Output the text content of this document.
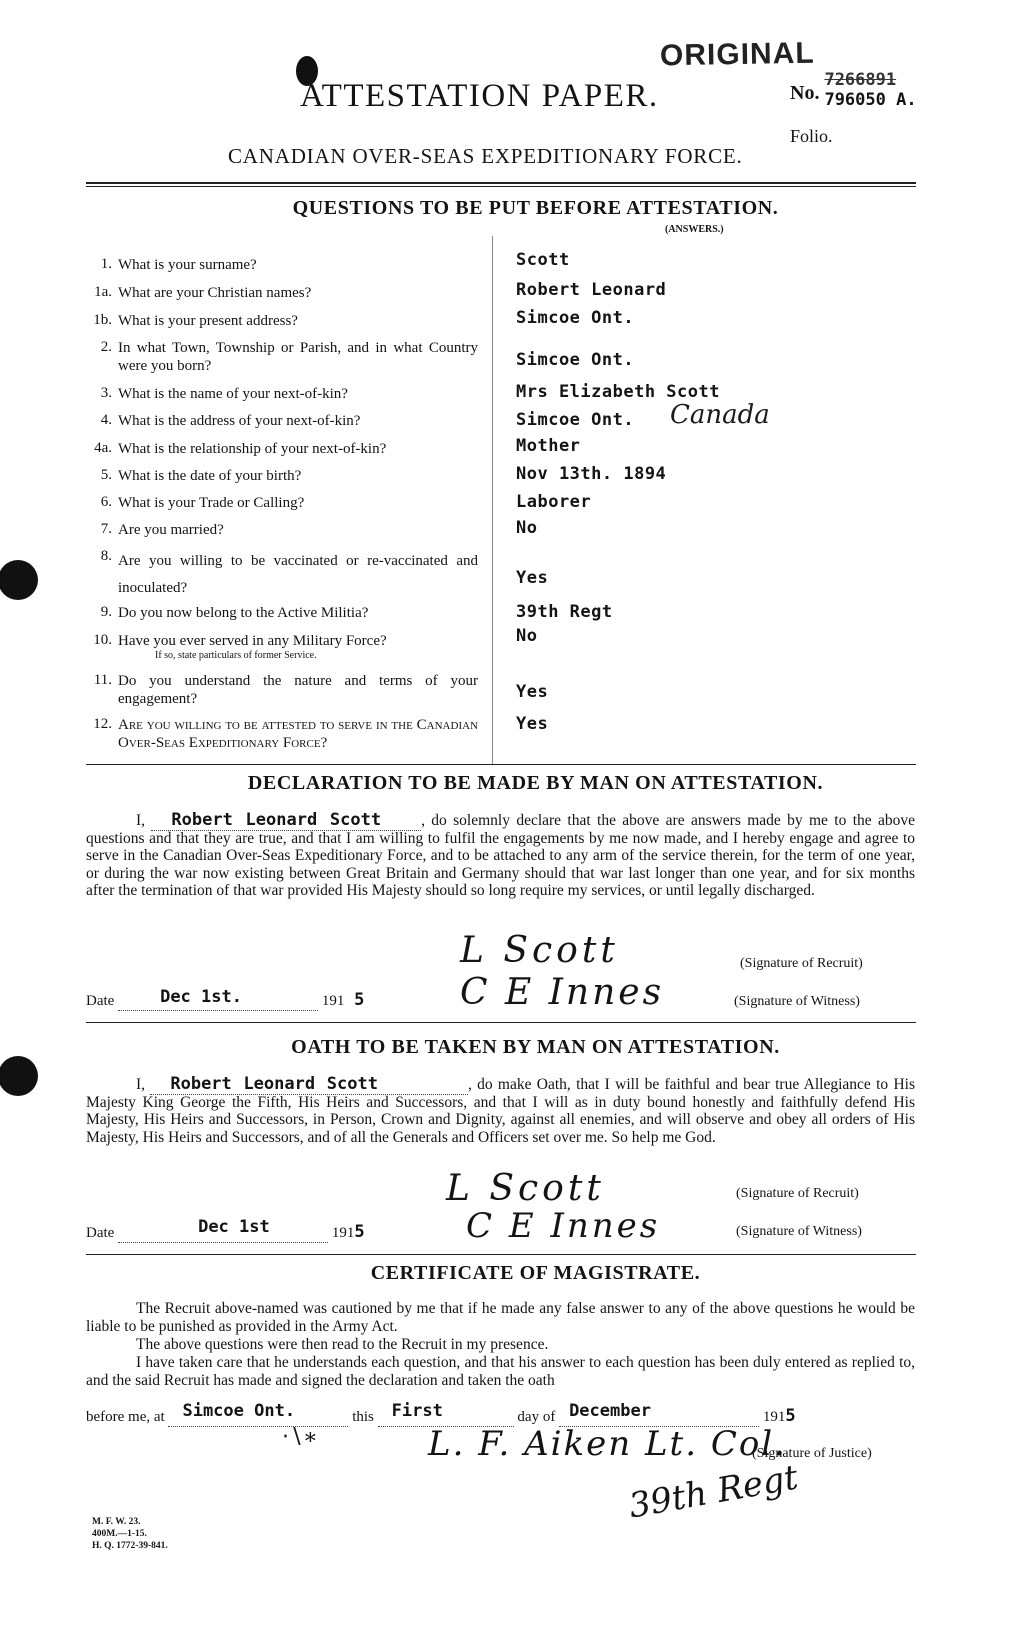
ORIGINAL
ATTESTATION PAPER.	No.
7266891
$_{796050 A.}$
Folio.
CANADIAN OVER-SEAS EXPEDITIONARY FORCE.
QUESTIONS TO BE PUT BEFORE ATTESTATION.
(ANSWERS.)
1. What is your surname?	Scott
1a. What are your Christian names?	Robert Leonard
1b. What is your present address?	Simcoe Ont.
2. In what Town, Township or Parish, and in what Country were you born?	Simcoe Ont.
3. What is the name of your next-of-kin?	Mrs Elizabeth Scott
4. What is the address of your next-of-kin?	Simcoe Ont. Canada
4a. What is the relationship of your next-of-kin?	Mother
5. What is the date of your birth?	Nov 13th. 1894
6. What is your Trade or Calling?	Laborer
7. Are you married?	No
8. Are you willing to be vaccinated or re-vaccinated and inoculated?	Yes
9. Do you now belong to the Active Militia?	39th Regt
10. Have you ever served in any Military Force?
If so, state particulars of former Service.
No
11. Do you understand the nature and terms of your engagement?	Yes
12. Are you willing to be attested to serve in the Canadian Over-Seas Expeditionary Force?
Yes
DECLARATION TO BE MADE BY MAN ON ATTESTATION.
I, Robert Leonard Scott	, do solemnly declare that the above are answers made by me to the above questions and that they are true, and that I am willing to fulfil the engagements by me now made, and I hereby engage and agree to serve in the Canadian Over-Seas Expeditionary Force, and to be attached to any arm of the service therein, for the term of one year, or during the war now existing between Great Britain and Germany should that war last longer than one year, and for six months after the termination of that war provided His Majesty should so long require my services, or until legally discharged.
L Scott	(Signature of Recruit)
Date	Dec 1st.	191 5	C E Innes	(Signature of Witness)
OATH TO BE TAKEN BY MAN ON ATTESTATION.
I, Robert Leonard Scott	, do make Oath, that I will be faithful and bear true Allegiance to His Majesty King George the Fifth, His Heirs and Successors, and that I will as in duty bound honestly and faithfully defend His Majesty, His Heirs and Successors, in Person, Crown and Dignity, against all enemies, and will observe and obey all orders of His Majesty, His Heirs and Successors, and of all the Generals and Officers set over me. So help me God.
L Scott	(Signature of Recruit)
Date	Dec 1st	1915	C E Innes	(Signature of Witness)
CERTIFICATE OF MAGISTRATE.
The Recruit above-named was cautioned by me that if he made any false answer to any of the above questions he would be liable to be punished as provided in the Army Act.
The above questions were then read to the Recruit in my presence.
I have taken care that he understands each question, and that his answer to each question has been duly entered as replied to, and the said Recruit has made and signed the declaration and taken the oath
before me, at Simcoe Ont.	this First	day of December	1915
L. F. Aiken Lt. Col.
(Signature of Justice)
39th Regt
‧∖∗
M. F. W. 23.
400M.—1-15.
H. Q. 1772-39-841.
